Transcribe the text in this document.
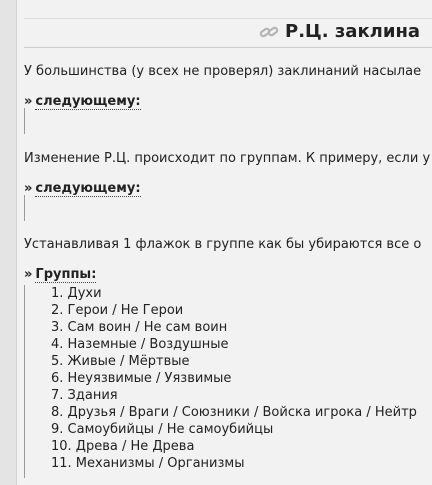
Р.Ц. заклина
У большинства (у всех не проверял) заклинаний насылае
» следующему:
Изменение Р.Ц. происходит по группам. К примеру, если у
» следующему:
Устанавливая 1 флажок в группе как бы убираются все о
» Группы:
1. Духи
2. Герои / Не Герои
3. Сам воин / Не сам воин
4. Наземные / Воздушные
5. Живые / Мёртвые
6. Неуязвимые / Уязвимые
7. Здания
8. Друзья / Враги / Союзники / Войска игрока / Нейтр
9. Самоубийцы / Не самоубийцы
10. Древа / Не Древа
11. Механизмы / Организмы
